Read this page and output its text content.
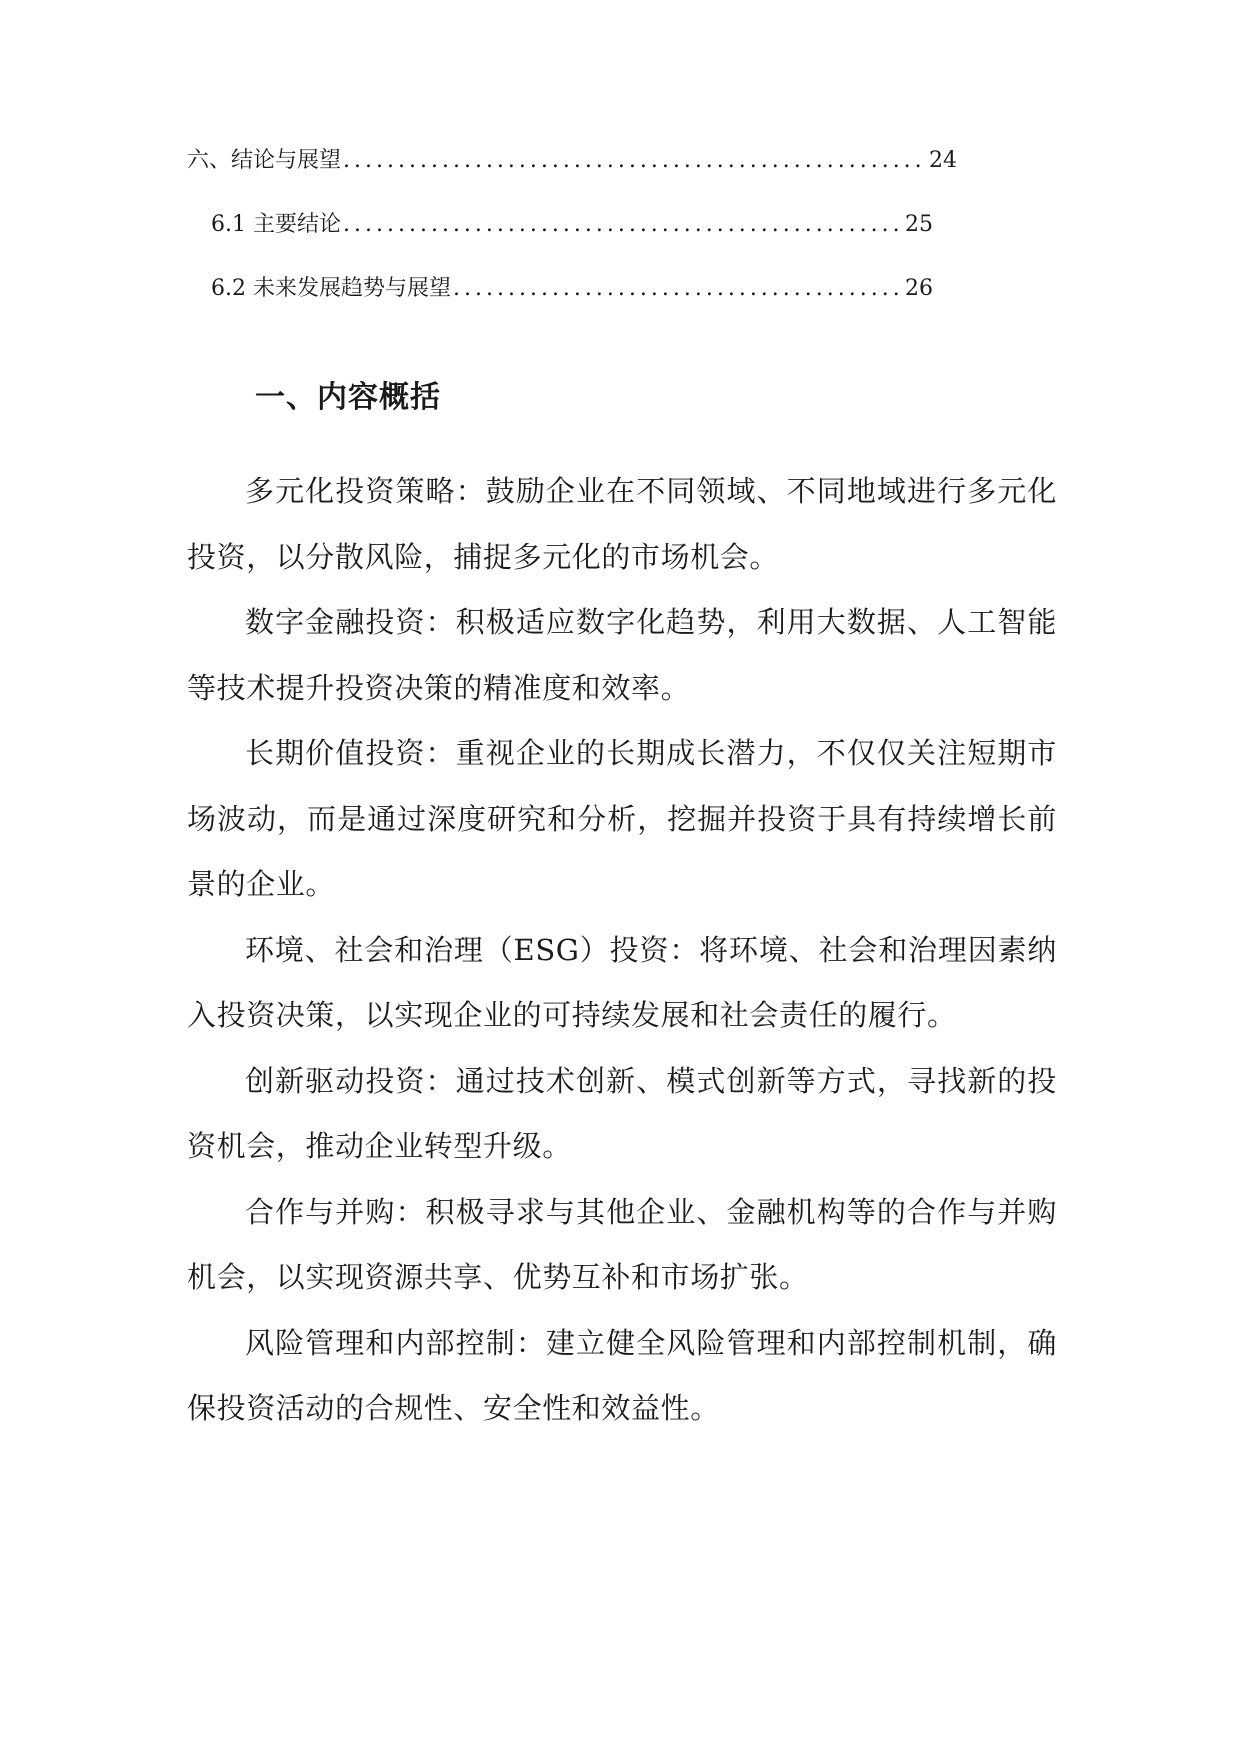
六、 结论与展望 .....	24
6.1 主要结论 .....	25
6.2 未来发展趋势与展望 .....	26
一、内容概括

多元化投资策略：鼓励企业在不同领域、不同地域进行多元化投资，以分散风险，捕捉多元化的市场机会。

数字金融投资：积极适应数字化趋势，利用大数据、人工智能等技术提升投资决策的精准度和效率。

长期价值投资：重视企业的长期成长潜力，不仅仅关注短期市场波动，而是通过深度研究和分析，挖掘并投资于具有持续增长前景的企业。

环境、社会和治理（ESG）投资：将环境、社会和治理因素纳入投资决策，以实现企业的可持续发展和社会责任的履行。

创新驱动投资：通过技术创新、模式创新等方式，寻找新的投资机会，推动企业转型升级。

合作与并购：积极寻求与其他企业、金融机构等的合作与并购机会，以实现资源共享、优势互补和市场扩张。

风险管理和内部控制：建立健全风险管理和内部控制机制，确保投资活动的合规性、安全性和效益性。
